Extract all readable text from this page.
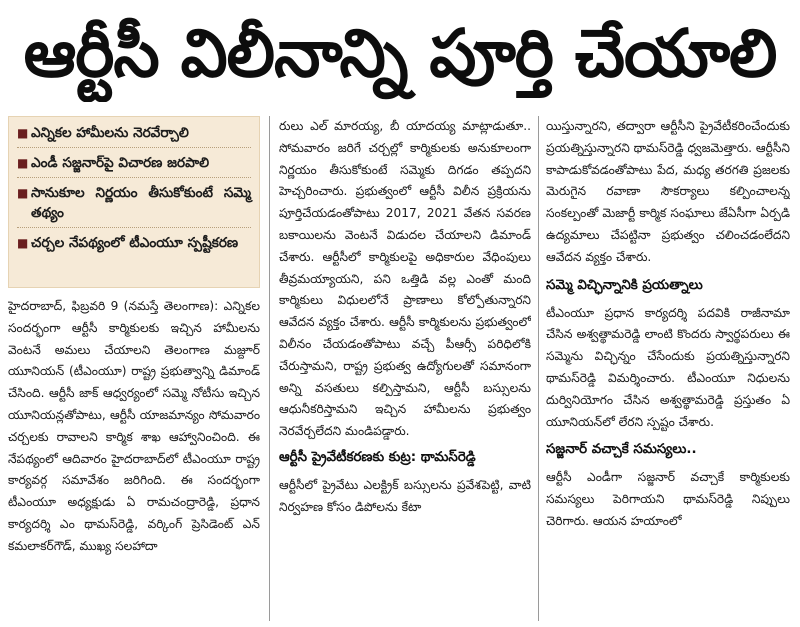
ఆర్టీసీ విలీనాన్ని పూర్తి చేయాలి
■ ఎన్నికల హామీలను నెరవేర్చాలి
■ ఎండీ సజ్జనార్‌పై విచారణ జరపాలి
■ సానుకూల నిర్ణయం తీసుకోకుంటే సమ్మె తథ్యం
■ చర్చల నేపథ్యంలో టీఎంయూ స్పష్టీకరణ

హైదరాబాద్, ఫిబ్రవరి 9 (నమస్తే తెలంగాణ): ఎన్నికల సందర్భంగా ఆర్టీసీ కార్మికులకు ఇచ్చిన హామీలను వెంటనే అమలు చేయాలని తెలంగాణ మజ్దూర్ యూనియన్ (టీఎంయూ) రాష్ట్ర ప్రభుత్వాన్ని డిమాండ్ చేసింది. ఆర్టీసీ జాక్ ఆధ్వర్యంలో సమ్మె నోటీసు ఇచ్చిన యూనియన్లతోపాటు, ఆర్టీసీ యాజమాన్యం సోమవారం చర్చలకు రావాలని కార్మిక శాఖ ఆహ్వానించింది. ఈ నేపథ్యంలో ఆదివారం హైదరాబాద్‌లో టీఎంయూ రాష్ట్ర కార్యవర్గ సమావేశం జరిగింది. ఈ సందర్భంగా టీఎంయూ అధ్యక్షుడు ఏ రామచంద్రారెడ్డి, ప్రధాన కార్యదర్శి ఎం థామస్‌రెడ్డి, వర్కింగ్ ప్రెసిడెంట్ ఎన్ కమలాకర్‌గౌడ్, ముఖ్య సలహాదా

రులు ఎల్ మారయ్య, బీ యాదయ్య మాట్లాడుతూ.. సోమవారం జరిగే చర్చల్లో కార్మికులకు అనుకూలంగా నిర్ణయం తీసుకోకుంటే సమ్మెకు దిగడం తప్పదని హెచ్చరించారు. ప్రభుత్వంలో ఆర్టీసీ విలీన ప్రక్రియను పూర్తిచేయడంతోపాటు 2017, 2021 వేతన సవరణ బకాయిలను వెంటనే విడుదల చేయాలని డిమాండ్ చేశారు. ఆర్టీసీలో కార్మికులపై అధికారుల వేధింపులు తీవ్రమయ్యాయని, పని ఒత్తిడి వల్ల ఎంతో మంది కార్మికులు విధులలోనే ప్రాణాలు కోల్పోతున్నారని ఆవేదన వ్యక్తం చేశారు. ఆర్టీసీ కార్మికులను ప్రభుత్వంలో విలీనం చేయడంతోపాటు వచ్చే పీఆర్సీ పరిధిలోకి చేరుస్తామని, రాష్ట్ర ప్రభుత్వ ఉద్యోగులతో సమానంగా అన్ని వసతులు కల్పిస్తామని, ఆర్టీసీ బస్సులను ఆధునీకరిస్తామని ఇచ్చిన హామీలను ప్రభుత్వం నెరవేర్చలేదని మండిపడ్డారు.

ఆర్టీసీ ప్రైవేటీకరణకు కుట్ర: థామస్‌రెడ్డి

ఆర్టీసీలో ప్రైవేటు ఎలక్ట్రిక్ బస్సులను ప్రవేశపెట్టి, వాటి నిర్వహణ కోసం డిపోలను కేటా

యిస్తున్నారని, తద్వారా ఆర్టీసీని ప్రైవేటీకరించేందుకు ప్రయత్నిస్తున్నారని థామస్‌రెడ్డి ధ్వజమెత్తారు. ఆర్టీసీని కాపాడుకోవడంతోపాటు పేద, మధ్య తరగతి ప్రజలకు మెరుగైన రవాణా సౌకర్యాలు కల్పించాలన్న సంకల్పంతో మెజార్టీ కార్మిక సంఘాలు జేఏసీగా ఏర్పడి ఉద్యమాలు చేపట్టినా ప్రభుత్వం చలించడంలేదని ఆవేదన వ్యక్తం చేశారు.

సమ్మె విచ్ఛిన్నానికి ప్రయత్నాలు

టీఎంయూ ప్రధాన కార్యదర్శి పదవికి రాజీనామా చేసిన అశ్వత్థామరెడ్డి లాంటి కొందరు స్వార్థపరులు ఈ సమ్మెను విచ్ఛిన్నం చేసేందుకు ప్రయత్నిస్తున్నారని థామస్‌రెడ్డి విమర్శించారు. టీఎంయూ నిధులను దుర్వినియోగం చేసిన అశ్వత్థామరెడ్డి ప్రస్తుతం ఏ యూనియన్‌లో లేరని స్పష్టం చేశారు.

సజ్జనార్ వచ్చాకే సమస్యలు..

ఆర్టీసీ ఎండీగా సజ్జనార్ వచ్చాకే కార్మికులకు సమస్యలు పెరిగాయని థామస్‌రెడ్డి నిప్పులు చెరిగారు. ఆయన హయాంలో
